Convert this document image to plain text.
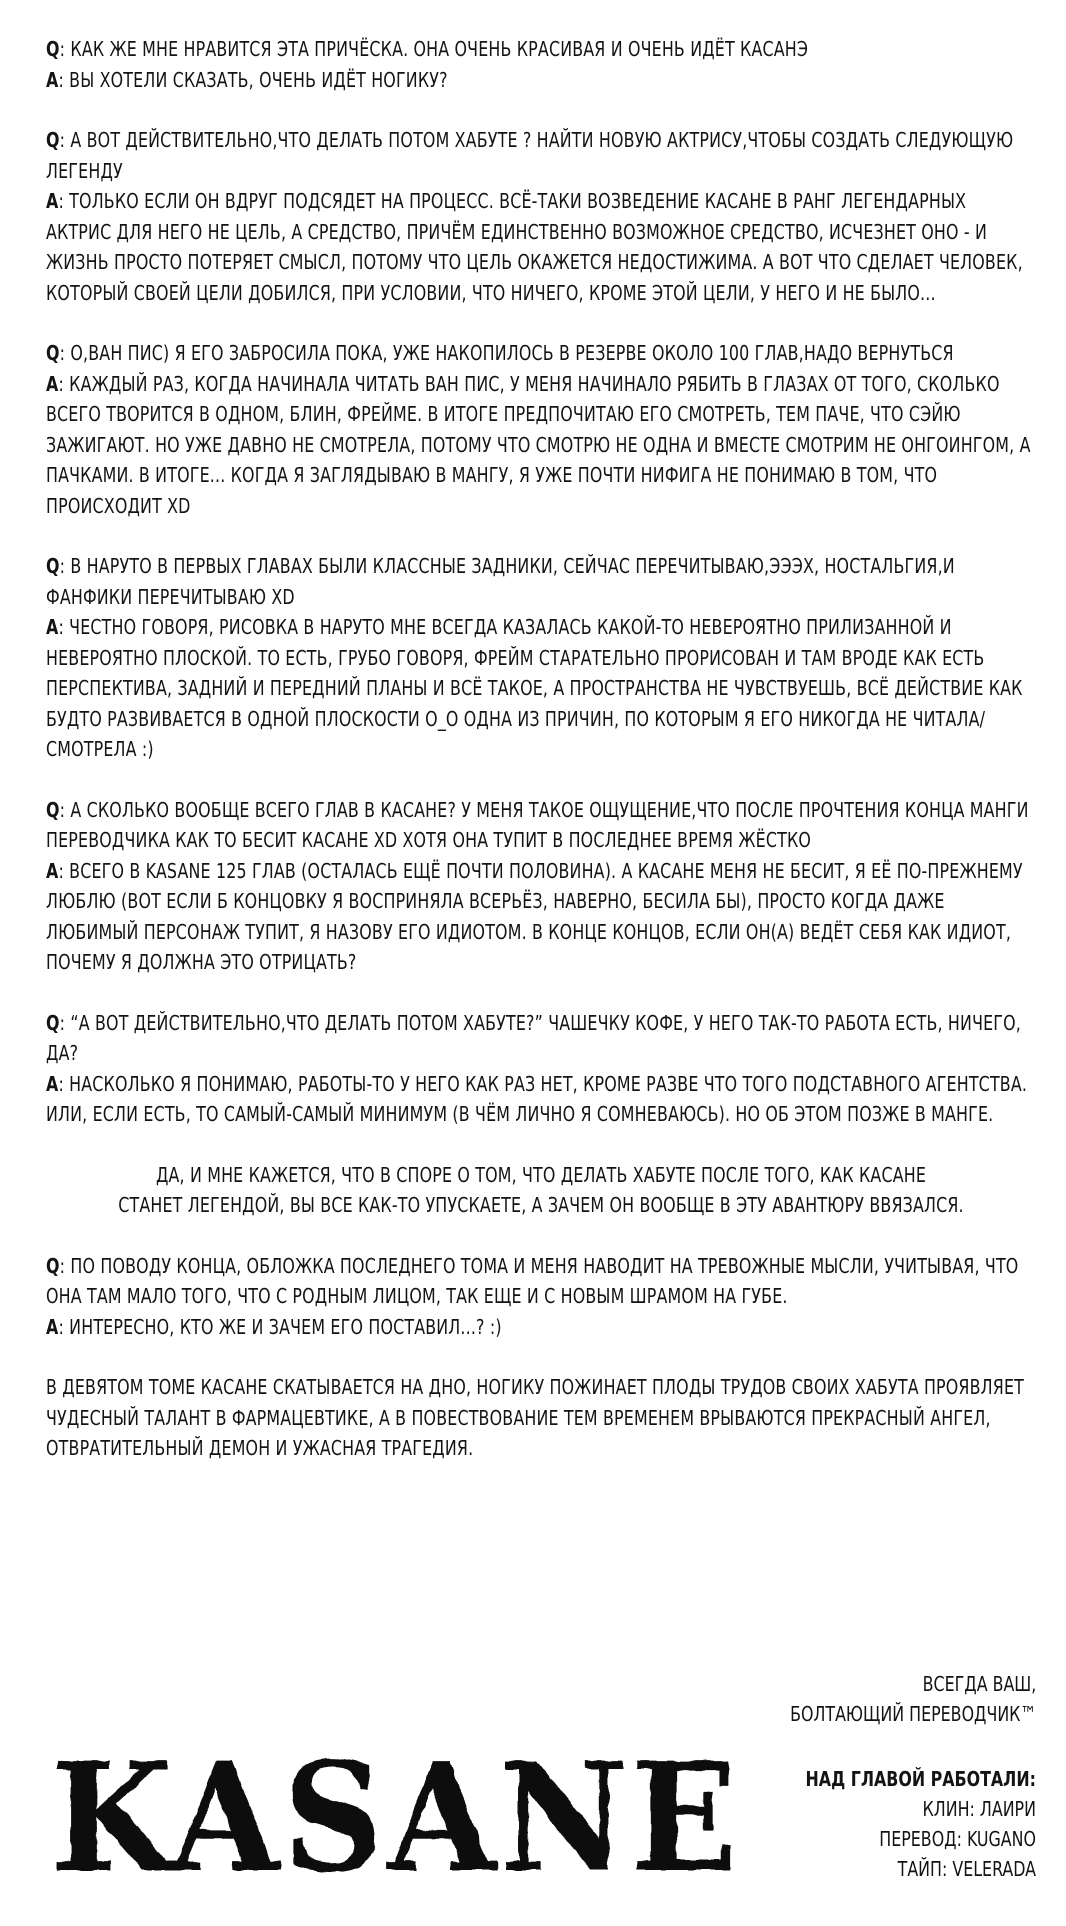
Q: КАК ЖЕ МНЕ НРАВИТСЯ ЭТА ПРИЧЁСКА. ОНА ОЧЕНЬ КРАСИВАЯ И ОЧЕНЬ ИДЁТ КАСАНЭ
A: ВЫ ХОТЕЛИ СКАЗАТЬ, ОЧЕНЬ ИДЁТ НОГИКУ?
Q: А ВОТ ДЕЙСТВИТЕЛЬНО,ЧТО ДЕЛАТЬ ПОТОМ ХАБУТЕ ? НАЙТИ НОВУЮ АКТРИСУ,ЧТОБЫ СОЗДАТЬ СЛЕДУЮЩУЮ ЛЕГЕНДУ
A: ТОЛЬКО ЕСЛИ ОН ВДРУГ ПОДСЯДЕТ НА ПРОЦЕСС. ВСЁ-ТАКИ ВОЗВЕДЕНИЕ КАСАНЕ В РАНГ ЛЕГЕНДАРНЫХ АКТРИС ДЛЯ НЕГО НЕ ЦЕЛЬ, А СРЕДСТВО, ПРИЧЁМ ЕДИНСТВЕННО ВОЗМОЖНОЕ СРЕДСТВО, ИСЧЕЗНЕТ ОНО - И ЖИЗНЬ ПРОСТО ПОТЕРЯЕТ СМЫСЛ, ПОТОМУ ЧТО ЦЕЛЬ ОКАЖЕТСЯ НЕДОСТИЖИМА. А ВОТ ЧТО СДЕЛАЕТ ЧЕЛОВЕК, КОТОРЫЙ СВОЕЙ ЦЕЛИ ДОБИЛСЯ, ПРИ УСЛОВИИ, ЧТО НИЧЕГО, КРОМЕ ЭТОЙ ЦЕЛИ, У НЕГО И НЕ БЫЛО...
Q: О,ВАН ПИС) Я ЕГО ЗАБРОСИЛА ПОКА, УЖЕ НАКОПИЛОСЬ В РЕЗЕРВЕ ОКОЛО 100 ГЛАВ,НАДО ВЕРНУТЬСЯ
A: КАЖДЫЙ РАЗ, КОГДА НАЧИНАЛА ЧИТАТЬ ВАН ПИС, У МЕНЯ НАЧИНАЛО РЯБИТЬ В ГЛАЗАХ ОТ ТОГО, СКОЛЬКО ВСЕГО ТВОРИТСЯ В ОДНОМ, БЛИН, ФРЕЙМЕ. В ИТОГЕ ПРЕДПОЧИТАЮ ЕГО СМОТРЕТЬ, ТЕМ ПАЧЕ, ЧТО СЭЙЮ ЗАЖИГАЮТ. НО УЖЕ ДАВНО НЕ СМОТРЕЛА, ПОТОМУ ЧТО СМОТРЮ НЕ ОДНА И ВМЕСТЕ СМОТРИМ НЕ ОНГОИНГОМ, А ПАЧКАМИ. В ИТОГЕ... КОГДА Я ЗАГЛЯДЫВАЮ В МАНГУ, Я УЖЕ ПОЧТИ НИФИГА НЕ ПОНИМАЮ В ТОМ, ЧТО ПРОИСХОДИТ XD
Q: В НАРУТО В ПЕРВЫХ ГЛАВАХ БЫЛИ КЛАССНЫЕ ЗАДНИКИ, СЕЙЧАС ПЕРЕЧИТЫВАЮ,ЭЭЭХ, НОСТАЛЬГИЯ,И ФАНФИКИ ПЕРЕЧИТЫВАЮ XD
A: ЧЕСТНО ГОВОРЯ, РИСОВКА В НАРУТО МНЕ ВСЕГДА КАЗАЛАСЬ КАКОЙ-ТО НЕВЕРОЯТНО ПРИЛИЗАННОЙ И НЕВЕРОЯТНО ПЛОСКОЙ. ТО ЕСТЬ, ГРУБО ГОВОРЯ, ФРЕЙМ СТАРАТЕЛЬНО ПРОРИСОВАН И ТАМ ВРОДЕ КАК ЕСТЬ ПЕРСПЕКТИВА, ЗАДНИЙ И ПЕРЕДНИЙ ПЛАНЫ И ВСЁ ТАКОЕ, А ПРОСТРАНСТВА НЕ ЧУВСТВУЕШЬ, ВСЁ ДЕЙСТВИЕ КАК БУДТО РАЗВИВАЕТСЯ В ОДНОЙ ПЛОСКОСТИ О_О ОДНА ИЗ ПРИЧИН, ПО КОТОРЫМ Я ЕГО НИКОГДА НЕ ЧИТАЛА/СМОТРЕЛА :)
Q: А СКОЛЬКО ВООБЩЕ ВСЕГО ГЛАВ В КАСАНЕ? У МЕНЯ ТАКОЕ ОЩУЩЕНИЕ,ЧТО ПОСЛЕ ПРОЧТЕНИЯ КОНЦА МАНГИ ПЕРЕВОДЧИКА КАК ТО БЕСИТ КАСАНЕ XD ХОТЯ ОНА ТУПИТ В ПОСЛЕДНЕЕ ВРЕМЯ ЖЁСТКО
A: ВСЕГО В KASANE 125 ГЛАВ (ОСТАЛАСЬ ЕЩЁ ПОЧТИ ПОЛОВИНА). А КАСАНЕ МЕНЯ НЕ БЕСИТ, Я ЕЁ ПО-ПРЕЖНЕМУ ЛЮБЛЮ (ВОТ ЕСЛИ Б КОНЦОВКУ Я ВОСПРИНЯЛА ВСЕРЬЁЗ, НАВЕРНО, БЕСИЛА БЫ), ПРОСТО КОГДА ДАЖЕ ЛЮБИМЫЙ ПЕРСОНАЖ ТУПИТ, Я НАЗОВУ ЕГО ИДИОТОМ. В КОНЦЕ КОНЦОВ, ЕСЛИ ОН(А) ВЕДЁТ СЕБЯ КАК ИДИОТ, ПОЧЕМУ Я ДОЛЖНА ЭТО ОТРИЦАТЬ?
Q: “А ВОТ ДЕЙСТВИТЕЛЬНО,ЧТО ДЕЛАТЬ ПОТОМ ХАБУТЕ?” ЧАШЕЧКУ КОФЕ, У НЕГО ТАК-ТО РАБОТА ЕСТЬ, НИЧЕГО, ДА?
A: НАСКОЛЬКО Я ПОНИМАЮ, РАБОТЫ-ТО У НЕГО КАК РАЗ НЕТ, КРОМЕ РАЗВЕ ЧТО ТОГО ПОДСТАВНОГО АГЕНТСТВА. ИЛИ, ЕСЛИ ЕСТЬ, ТО САМЫЙ-САМЫЙ МИНИМУМ (В ЧЁМ ЛИЧНО Я СОМНЕВАЮСЬ). НО ОБ ЭТОМ ПОЗЖЕ В МАНГЕ.
ДА, И МНЕ КАЖЕТСЯ, ЧТО В СПОРЕ О ТОМ, ЧТО ДЕЛАТЬ ХАБУТЕ ПОСЛЕ ТОГО, КАК КАСАНЕ
СТАНЕТ ЛЕГЕНДОЙ, ВЫ ВСЕ КАК-ТО УПУСКАЕТЕ, А ЗАЧЕМ ОН ВООБЩЕ В ЭТУ АВАНТЮРУ ВВЯЗАЛСЯ.
Q: ПО ПОВОДУ КОНЦА, ОБЛОЖКА ПОСЛЕДНЕГО ТОМА И МЕНЯ НАВОДИТ НА ТРЕВОЖНЫЕ МЫСЛИ, УЧИТЫВАЯ, ЧТО ОНА ТАМ МАЛО ТОГО, ЧТО С РОДНЫМ ЛИЦОМ, ТАК ЕЩЕ И С НОВЫМ ШРАМОМ НА ГУБЕ.
A: ИНТЕРЕСНО, КТО ЖЕ И ЗАЧЕМ ЕГО ПОСТАВИЛ...? :)
В ДЕВЯТОМ ТОМЕ КАСАНЕ СКАТЫВАЕТСЯ НА ДНО, НОГИКУ ПОЖИНАЕТ ПЛОДЫ ТРУДОВ СВОИХ ХАБУТА ПРОЯВЛЯЕТ ЧУДЕСНЫЙ ТАЛАНТ В ФАРМАЦЕВТИКЕ, А В ПОВЕСТВОВАНИЕ ТЕМ ВРЕМЕНЕМ ВРЫВАЮТСЯ ПРЕКРАСНЫЙ АНГЕЛ, ОТВРАТИТЕЛЬНЫЙ ДЕМОН И УЖАСНАЯ ТРАГЕДИЯ.
ВСЕГДА ВАШ,
БОЛТАЮЩИЙ ПЕРЕВОДЧИК™
KASANE	НАД ГЛАВОЙ РАБОТАЛИ:
КЛИН: ЛАИРИ
ПЕРЕВОД: KUGANO
ТАЙП: VELERADA
